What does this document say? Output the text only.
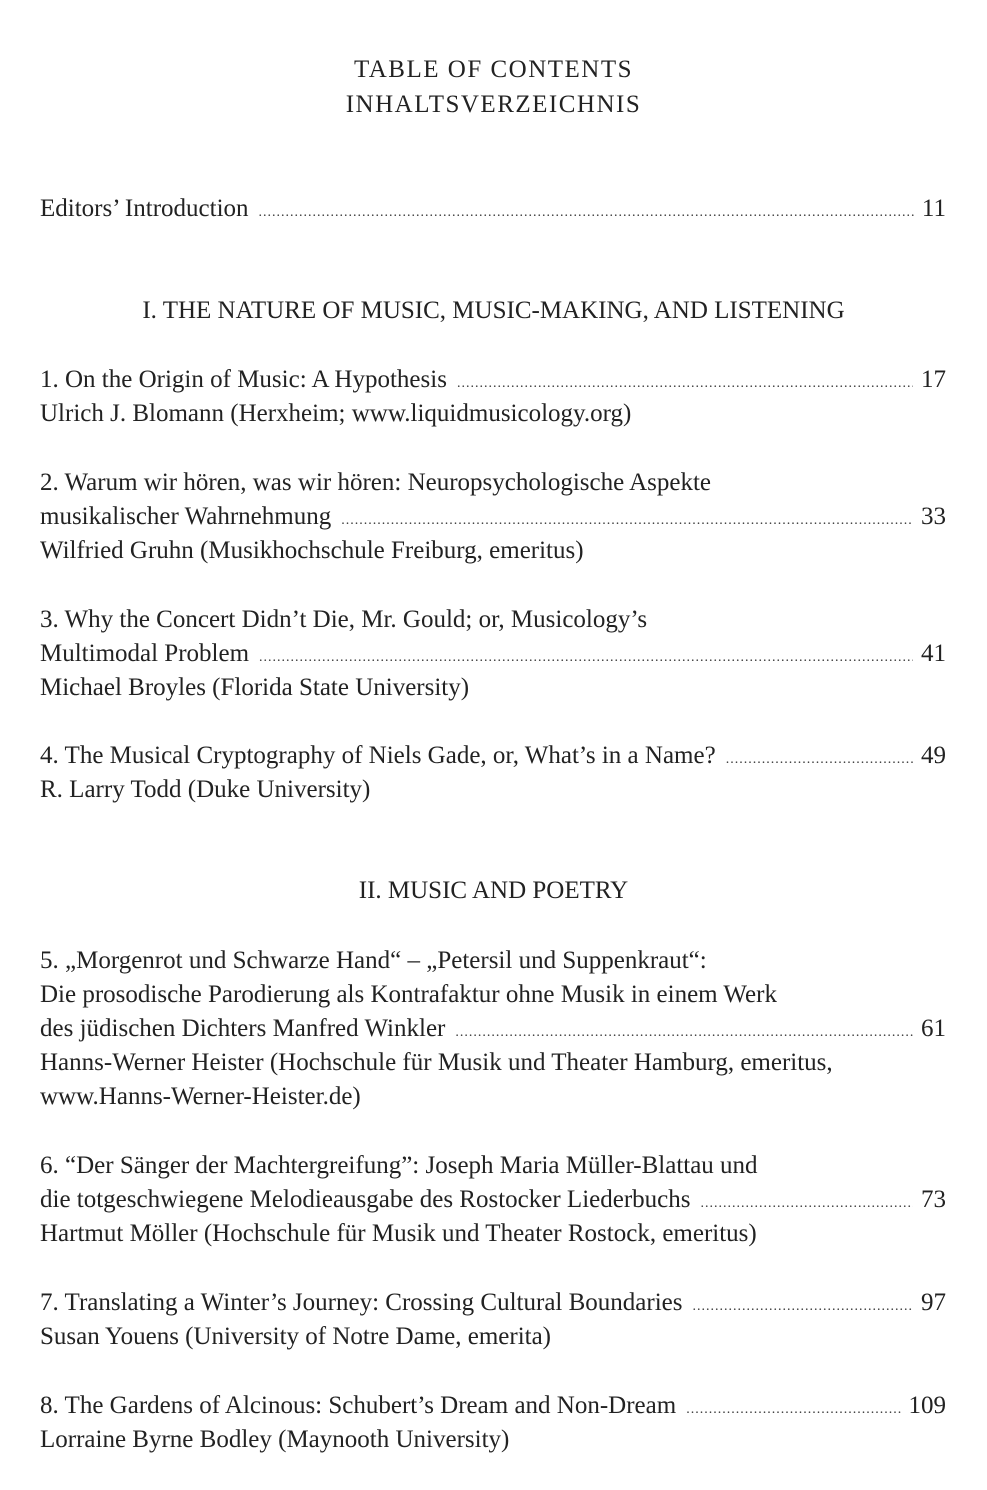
TABLE OF CONTENTS
INHALTSVERZEICHNIS
Editors’ Introduction .....	11
I. THE NATURE OF MUSIC, MUSIC-MAKING, AND LISTENING
1. On the Origin of Music: A Hypothesis .....	17
Ulrich J. Blomann (Herxheim; www.liquidmusicology.org)
2. Warum wir hören, was wir hören: Neuropsychologische Aspekte
musikalischer Wahrnehmung .....	33
Wilfried Gruhn (Musikhochschule Freiburg, emeritus)
3. Why the Concert Didn’t Die, Mr. Gould; or, Musicology’s
Multimodal Problem .....	41
Michael Broyles (Florida State University)
4. The Musical Cryptography of Niels Gade, or, What’s in a Name? .....	49
R. Larry Todd (Duke University)
II. MUSIC AND POETRY
5. „Morgenrot und Schwarze Hand“ – „Petersil und Suppenkraut“:
Die prosodische Parodierung als Kontrafaktur ohne Musik in einem Werk
des jüdischen Dichters Manfred Winkler .....	61
Hanns-Werner Heister (Hochschule für Musik und Theater Hamburg, emeritus,
www.Hanns-Werner-Heister.de)
6. “Der Sänger der Machtergreifung”: Joseph Maria Müller-Blattau und
die totgeschwiegene Melodieausgabe des Rostocker Liederbuchs .....	73
Hartmut Möller (Hochschule für Musik und Theater Rostock, emeritus)
7. Translating a Winter’s Journey: Crossing Cultural Boundaries .....	97
Susan Youens (University of Notre Dame, emerita)
8. The Gardens of Alcinous: Schubert’s Dream and Non-Dream .....	109
Lorraine Byrne Bodley (Maynooth University)
